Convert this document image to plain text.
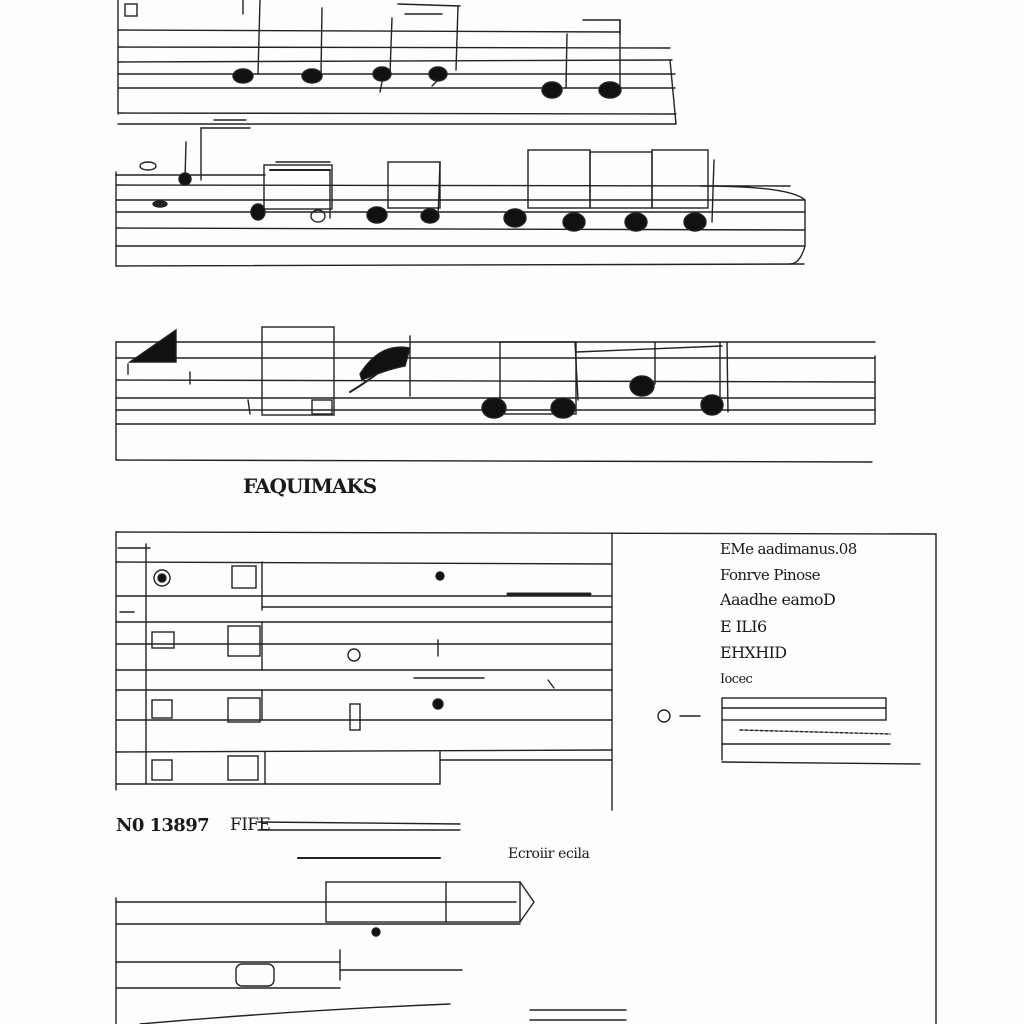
FAQUIMAKS
EMe aadimanus.08
Fonrve Pinose
Aaadhe eamoD
E ILI6
EHXHID
Iocec
N0 13897 FIFE
Ecroiir ecila
